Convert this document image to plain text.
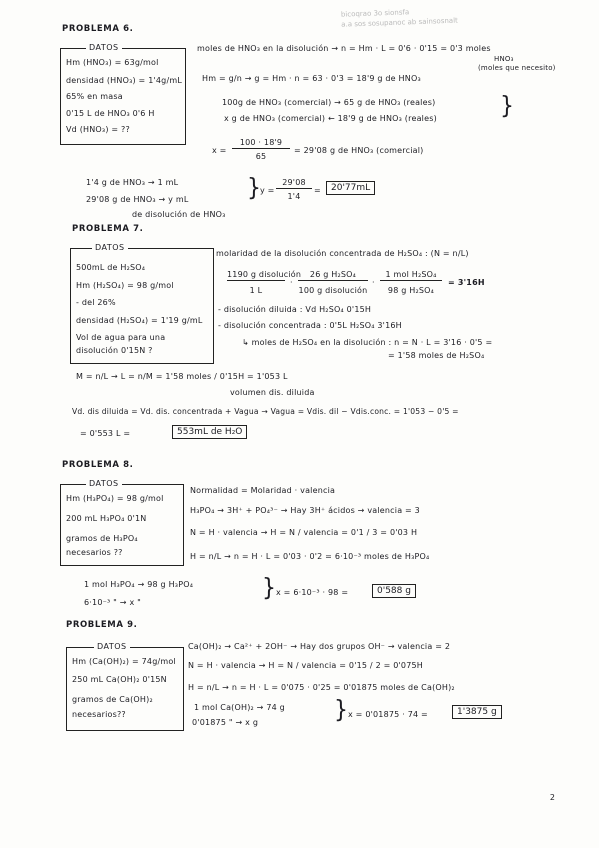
bicoqrao 3o sionsfa
a.a sos sosupanoc ab sainsosnalt
PROBLEMA 6.
DATOS
Hm (HNO₃) = 63g/mol
densidad (HNO₃) = 1'4g/mL
65% en masa
0'15 L de HNO₃ 0'6 H
Vd (HNO₃) = ??
moles de HNO₃ en la disolución → n = Hm · L = 0'6 · 0'15 = 0'3 moles
HNO₃
(moles que necesito)
Hm = g/n → g = Hm · n = 63 · 0'3 = 18'9 g de HNO₃
100g de HNO₃ (comercial) → 65 g de HNO₃ (reales)
x g de HNO₃ (comercial) ← 18'9 g de HNO₃ (reales)	}
x =
100 · 18'9
65
= 29'08 g de HNO₃ (comercial)
1'4 g de HNO₃ → 1 mL
29'08 g de HNO₃ → y mL
de disolución de HNO₃
} y =
29'08
1'4
=	20'77mL
PROBLEMA 7.
DATOS
500mL de H₂SO₄
Hm (H₂SO₄) = 98 g/mol
- del 26%
densidad (H₂SO₄) = 1'19 g/mL
Vol de agua para una
disolución 0'15N ?
molaridad de la disolución concentrada de H₂SO₄ : (N = n/L)
1190 g disolución
1 L
·
26 g H₂SO₄
100 g disolución
·
1 mol H₂SO₄
98 g H₂SO₄
= 3'16H
- disolución diluida : Vd H₂SO₄ 0'15H
- disolución concentrada : 0'5L H₂SO₄ 3'16H
↳ moles de H₂SO₄ en la disolución : n = N · L = 3'16 · 0'5 =
= 1'58 moles de H₂SO₄
M = n/L → L = n/M = 1'58 moles / 0'15H = 1'053 L
volumen dis. diluida
Vd. dis diluida = Vd. dis. concentrada + Vagua → Vagua = Vdis. dil − Vdis.conc. = 1'053 − 0'5 =
= 0'553 L =	553mL de H₂O
PROBLEMA 8.
DATOS
Hm (H₃PO₄) = 98 g/mol
200 mL H₃PO₄ 0'1N
gramos de H₃PO₄
necesarios ??
Normalidad = Molaridad · valencia
H₃PO₄ → 3H⁺ + PO₄³⁻ → Hay 3H⁺ ácidos → valencia = 3
N = H · valencia → H = N / valencia = 0'1 / 3 = 0'03 H
H = n/L → n = H · L = 0'03 · 0'2 = 6·10⁻³ moles de H₃PO₄
1 mol H₃PO₄ → 98 g H₃PO₄
6·10⁻³ " → x "
} x = 6·10⁻³ · 98 =	0'588 g
PROBLEMA 9.
DATOS
Hm (Ca(OH)₂) = 74g/mol
250 mL Ca(OH)₂ 0'15N
gramos de Ca(OH)₂
necesarios??
Ca(OH)₂ → Ca²⁺ + 2OH⁻ → Hay dos grupos OH⁻ → valencia = 2
N = H · valencia → H = N / valencia = 0'15 / 2 = 0'075H
H = n/L → n = H · L = 0'075 · 0'25 = 0'01875 moles de Ca(OH)₂
1 mol Ca(OH)₂ → 74 g
0'01875 " → x g	} x = 0'01875 · 74 =	1'3875 g
2
